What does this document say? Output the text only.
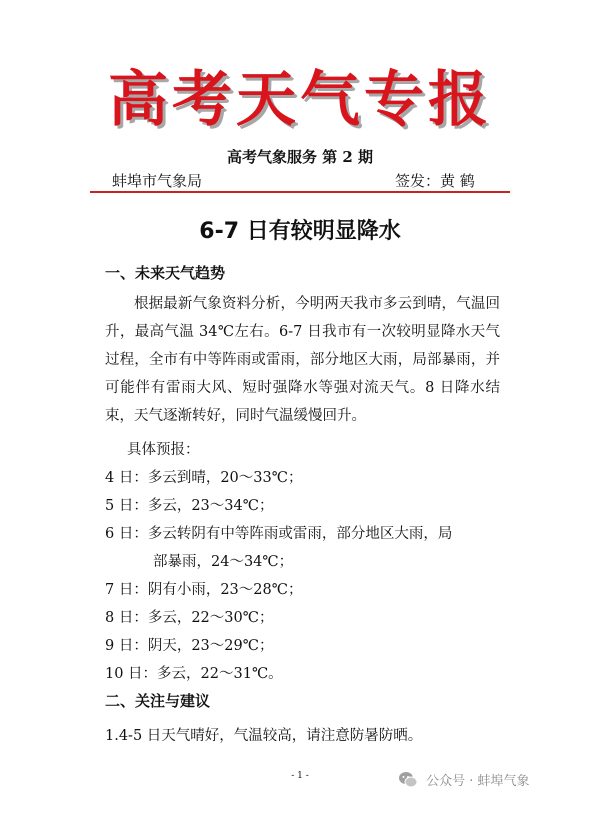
高考天气专报
高考气象服务 第 2 期
蚌埠市气象局	签发：黄 鹤
6-7 日有较明显降水
一、未来天气趋势
根据最新气象资料分析，今明两天我市多云到晴，气温回升，最高气温 34℃左右。6-7 日我市有一次较明显降水天气过程，全市有中等阵雨或雷雨，部分地区大雨，局部暴雨，并可能伴有雷雨大风、短时强降水等强对流天气。8 日降水结束，天气逐渐转好，同时气温缓慢回升。
具体预报：
4 日：多云到晴，20～33℃；
5 日：多云，23～34℃；
6 日：多云转阴有中等阵雨或雷雨，部分地区大雨，局
部暴雨，24～34℃；
7 日：阴有小雨，23～28℃；
8 日：多云，22～30℃；
9 日：阴天，23～29℃；
10 日：多云，22～31℃。
二、关注与建议
1.4-5 日天气晴好，气温较高，请注意防暑防晒。
- 1 -	公众号 · 蚌埠气象
